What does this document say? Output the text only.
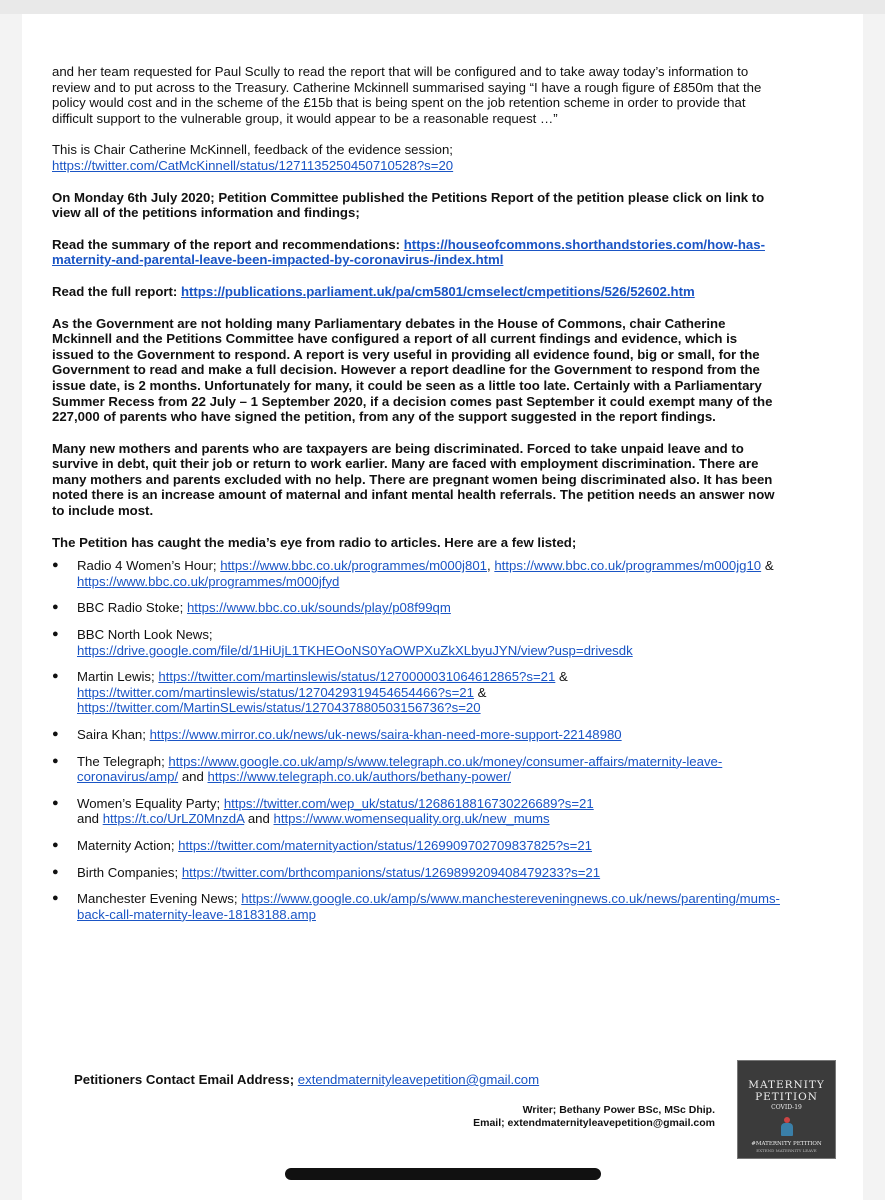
and her team requested for Paul Scully to read the report that will be configured and to take away today’s information to review and to put across to the Treasury. Catherine Mckinnell summarised saying “I have a rough figure of £850m that the policy would cost and in the scheme of the £15b that is being spent on the job retention scheme in order to provide that difficult support to the vulnerable group, it would appear to be a reasonable request …”

This is Chair Catherine McKinnell, feedback of the evidence session;
https://twitter.com/CatMcKinnell/status/1271135250450710528?s=20

On Monday 6th July 2020; Petition Committee published the Petitions Report of the petition please click on link to view all of the petitions information and findings;

Read the summary of the report and recommendations: https://houseofcommons.shorthandstories.com/how-has-maternity-and-parental-leave-been-impacted-by-coronavirus-/index.html

Read the full report: https://publications.parliament.uk/pa/cm5801/cmselect/cmpetitions/526/52602.htm

As the Government are not holding many Parliamentary debates in the House of Commons, chair Catherine Mckinnell and the Petitions Committee have configured a report of all current findings and evidence, which is issued to the Government to respond. A report is very useful in providing all evidence found, big or small, for the Government to read and make a full decision. However a report deadline for the Government to respond from the issue date, is 2 months. Unfortunately for many, it could be seen as a little too late. Certainly with a Parliamentary Summer Recess from 22 July – 1 September 2020, if a decision comes past September it could exempt many of the 227,000 of parents who have signed the petition, from any of the support suggested in the report findings.

Many new mothers and parents who are taxpayers are being discriminated. Forced to take unpaid leave and to survive in debt, quit their job or return to work earlier. Many are faced with employment discrimination. There are many mothers and parents excluded with no help. There are pregnant women being discriminated also. It has been noted there is an increase amount of maternal and infant mental health referrals. The petition needs an answer now to include most.

The Petition has caught the media’s eye from radio to articles. Here are a few listed;

● Radio 4 Women’s Hour; https://www.bbc.co.uk/programmes/m000j801, https://www.bbc.co.uk/programmes/m000jg10 & https://www.bbc.co.uk/programmes/m000jfyd
● BBC Radio Stoke; https://www.bbc.co.uk/sounds/play/p08f99qm
● BBC North Look News;
https://drive.google.com/file/d/1HiUjL1TKHEOoNS0YaOWPXuZkXLbyuJYN/view?usp=drivesdk
● Martin Lewis; https://twitter.com/martinslewis/status/1270000031064612865?s=21 &
https://twitter.com/martinslewis/status/1270429319454654466?s=21 &
https://twitter.com/MartinSLewis/status/1270437880503156736?s=20
● Saira Khan; https://www.mirror.co.uk/news/uk-news/saira-khan-need-more-support-22148980
● The Telegraph; https://www.google.co.uk/amp/s/www.telegraph.co.uk/money/consumer-affairs/maternity-leave-coronavirus/amp/ and https://www.telegraph.co.uk/authors/bethany-power/
● Women’s Equality Party; https://twitter.com/wep_uk/status/1268618816730226689?s=21
and https://t.co/UrLZ0MnzdA and https://www.womensequality.org.uk/new_mums
● Maternity Action; https://twitter.com/maternityaction/status/1269909702709837825?s=21
● Birth Companies; https://twitter.com/brthcompanions/status/1269899209408479233?s=21
● Manchester Evening News; https://www.google.co.uk/amp/s/www.manchestereveningnews.co.uk/news/parenting/mums-back-call-maternity-leave-18183188.amp
Petitioners Contact Email Address; extendmaternityleavepetition@gmail.com
Writer; Bethany Power BSc, MSc Dhip.
Email; extendmaternityleavepetition@gmail.com
MATERNITY
PETITION
COVID-19
#MATERNITY PETITION
EXTEND MATERNITY LEAVE
